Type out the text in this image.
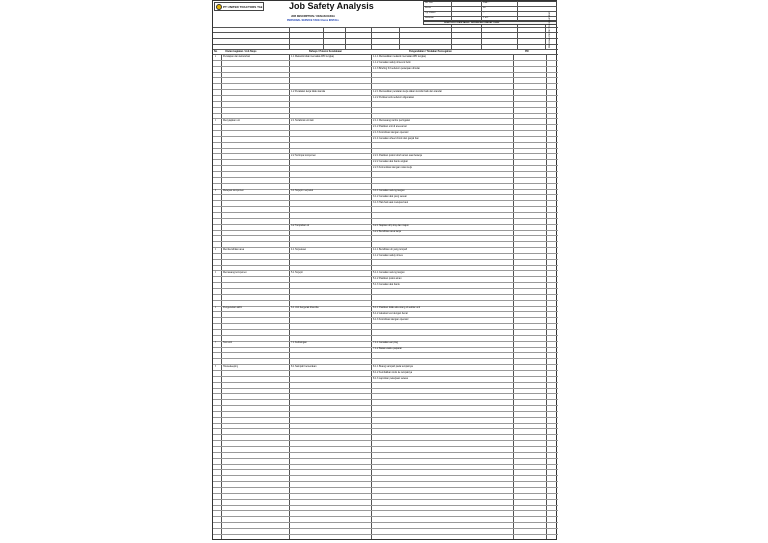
PT UNITED TRACTORS Tbk	Job Safety Analysis
JOB DESCRIPTION / URAIAN KERJA
PERSONAL SERVICE TAKE 0/xxxx INSTALL
No. Doc
Revisi
Tgl. Efektif
Halaman
JSA-...
00
...
1 of 1
DISETUJUI / DIKETAHUI / DIPERIKSA / DIBUAT OLEH	PERSONAL PROTECTIVE EQUIPMENT
No	Urutan kegiatan / Job Steps	Bahaya / Potensi Kecelakaan	Pengendalian / Tindakan Pencegahan	PIC
1	Persiapan dan kebutuhan	1.1 Mekanik tidak memakai APD lengkap	1.1.1 Memastikan mekanik memakai APD lengkap
1.1.2 Gunakan safety shoes & helm
1.1.3 Briefing K3 sebelum pekerjaan dimulai
1.2 Peralatan kerja tidak standar	1.2.1 Memastikan peralatan kerja dalam kondisi baik dan standar
1.2.2 Periksa tools sebelum digunakan
2	Menyiapkan unit	2.1 Tertabrak unit lain	2.1.1 Memasang rambu peringatan
2.1.2 Pastikan unit di area aman
2.1.3 Koordinasi dengan operator
2.1.4 Gunakan wheel chock dan ganjal ban
2.2 Tertimpa komponen	2.2.1 Pastikan posisi tubuh aman saat bekerja
2.2.2 Gunakan alat bantu angkat
2.2.3 Komunikasi dengan rekan kerja
3	Melepas komponen	3.1 Terjepit / terpukul	3.1.1 Gunakan sarung tangan
3.1.2 Gunakan alat yang sesuai
3.1.3 Hati-hati saat melepas baut
3.2 Tumpahan oli	3.2.1 Siapkan drip tray dan majun
3.2.2 Bersihkan area kerja
4	Membersihkan area	4.1 Terpeleset	4.1.1 Bersihkan oli yang tumpah
4.1.2 Gunakan safety shoes
5	Memasang komponen	5.1 Terjepit	5.1.1 Gunakan sarung tangan
5.1.2 Pastikan posisi aman
5.1.3 Gunakan alat bantu
6	Pengecekan akhir	6.1 Unit bergerak tiba-tiba	6.1.1 Pastikan tidak ada orang di sekitar unit
6.1.2 Lakukan test dengan benar
6.1.3 Koordinasi dengan operator
7	Test unit	7.1 Kebisingan	7.1.1 Gunakan ear plug
7.1.2 Batasi waktu paparan
8	Housekeeping	8.1 Sampah berserakan	8.1.1 Buang sampah pada tempatnya
8.1.2 Kembalikan tools ke tempatnya
8.1.3 Laporkan pekerjaan selesai
